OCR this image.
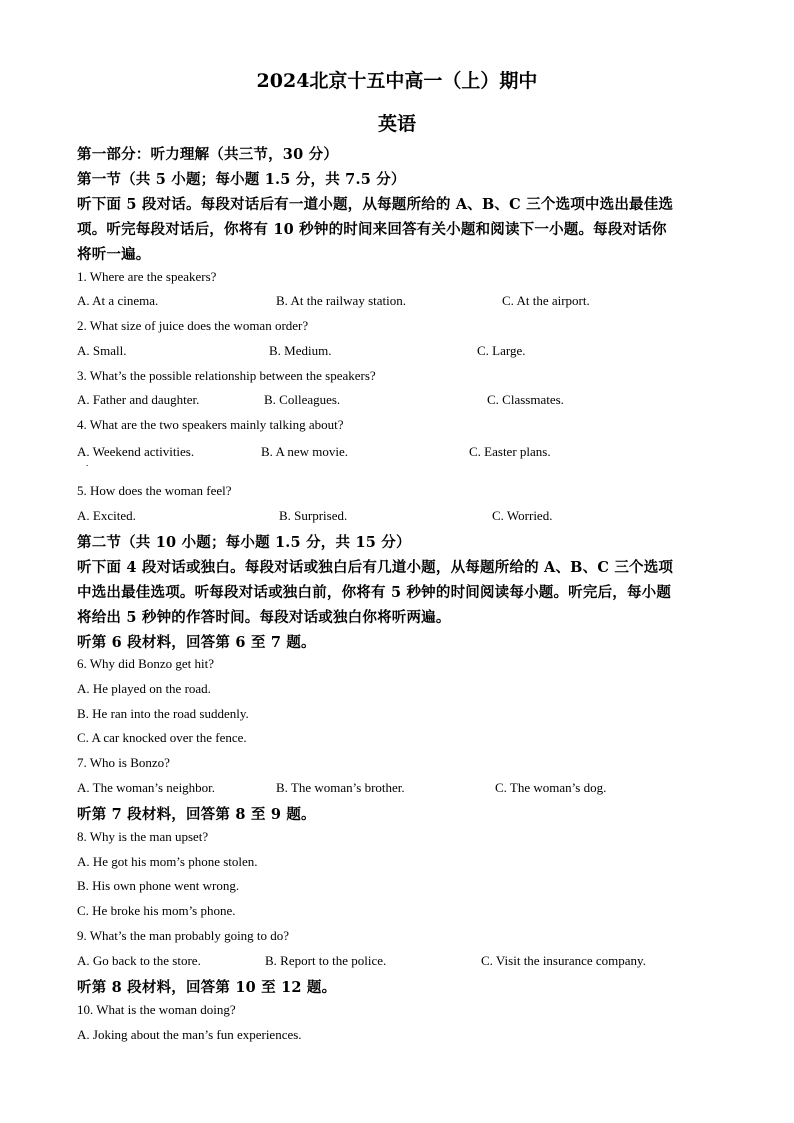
2024北京十五中高一（上）期中
英语
第一部分：听力理解（共三节，30 分）
第一节（共 5 小题；每小题 1.5 分，共 7.5 分）
听下面 5 段对话。每段对话后有一道小题，从每题所给的 A、B、C 三个选项中选出最佳选
项。听完每段对话后，你将有 10 秒钟的时间来回答有关小题和阅读下一小题。每段对话你
将听一遍。
1. Where are the speakers?
A. At a cinema.	B. At the railway station.	C. At the airport.
2. What size of juice does the woman order?
A. Small.	B. Medium.	C. Large.
3. What’s the possible relationship between the speakers?
A. Father and daughter.	B. Colleagues.	C. Classmates.
4. What are the two speakers mainly talking about?
A. Weekend activities.	B. A new movie.	C. Easter plans.
.
5. How does the woman feel?
A. Excited.	B. Surprised.	C. Worried.
第二节（共 10 小题；每小题 1.5 分，共 15 分）
听下面 4 段对话或独白。每段对话或独白后有几道小题，从每题所给的 A、B、C 三个选项
中选出最佳选项。听每段对话或独白前，你将有 5 秒钟的时间阅读每小题。听完后，每小题
将给出 5 秒钟的作答时间。每段对话或独白你将听两遍。
听第 6 段材料，回答第 6 至 7 题。
6. Why did Bonzo get hit?
A. He played on the road.
B. He ran into the road suddenly.
C. A car knocked over the fence.
7. Who is Bonzo?
A. The woman’s neighbor.	B. The woman’s brother.	C. The woman’s dog.
听第 7 段材料，回答第 8 至 9 题。
8. Why is the man upset?
A. He got his mom’s phone stolen.
B. His own phone went wrong.
C. He broke his mom’s phone.
9. What’s the man probably going to do?
A. Go back to the store.	B. Report to the police.	C. Visit the insurance company.
听第 8 段材料，回答第 10 至 12 题。
10. What is the woman doing?
A. Joking about the man’s fun experiences.
